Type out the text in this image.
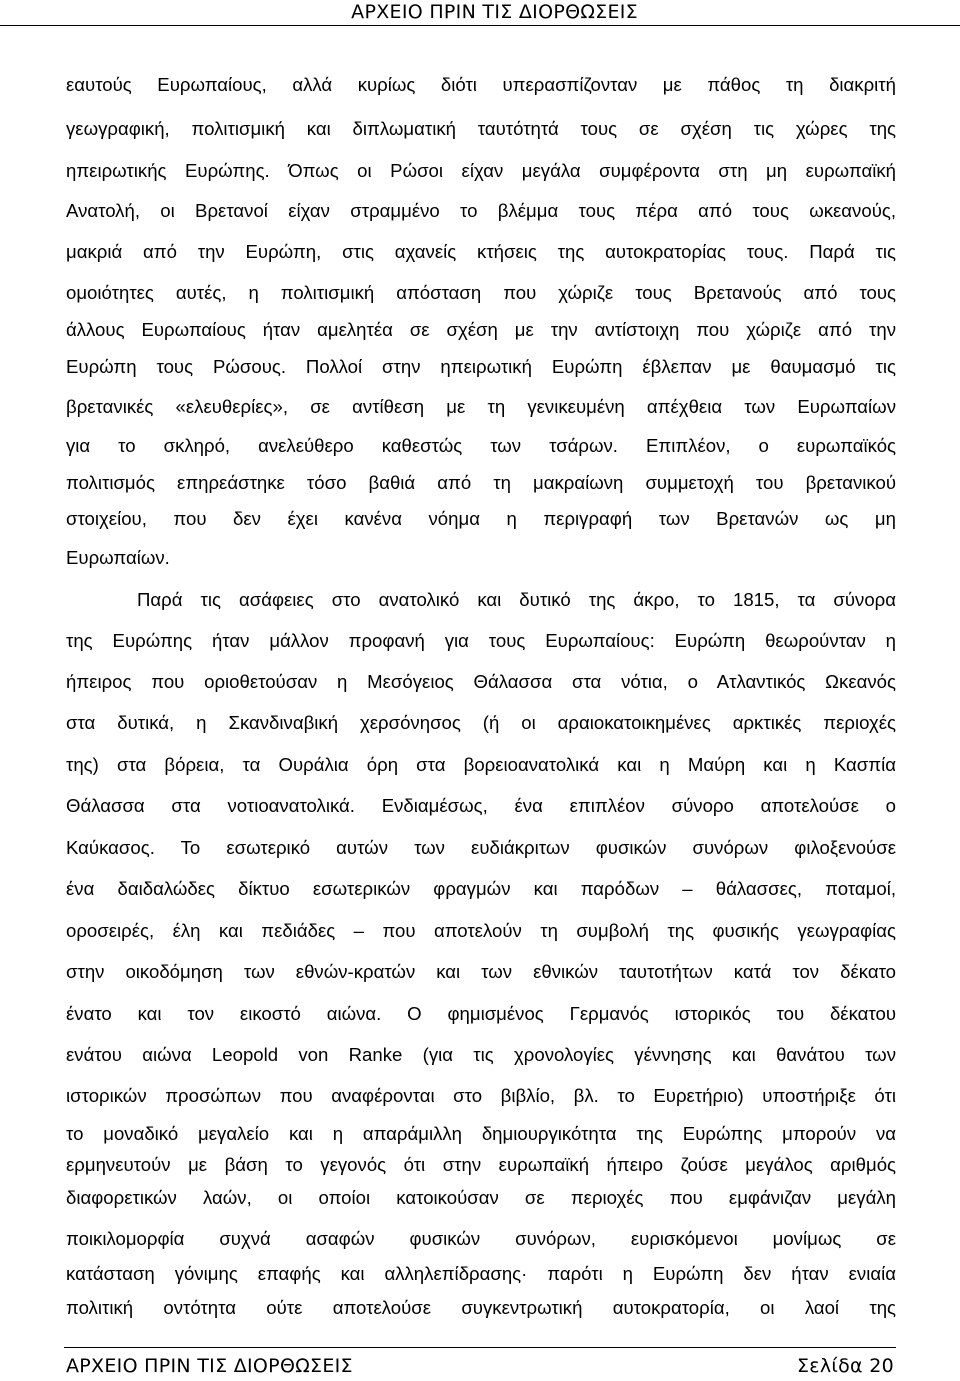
ΑΡΧΕΙΟ ΠΡΙΝ ΤΙΣ ΔΙΟΡΘΩΣΕΙΣ
εαυτούς Ευρωπαίους, αλλά κυρίως διότι υπερασπίζονταν με πάθος τη διακριτή
γεωγραφική, πολιτισμική και διπλωματική ταυτότητά τους σε σχέση τις χώρες της
ηπειρωτικής Ευρώπης. Όπως οι Ρώσοι είχαν μεγάλα συμφέροντα στη μη ευρωπαϊκή
Ανατολή, οι Βρετανοί είχαν στραμμένο το βλέμμα τους πέρα από τους ωκεανούς,
μακριά από την Ευρώπη, στις αχανείς κτήσεις της αυτοκρατορίας τους. Παρά τις
ομοιότητες αυτές, η πολιτισμική απόσταση που χώριζε τους Βρετανούς από τους
άλλους Ευρωπαίους ήταν αμελητέα σε σχέση με την αντίστοιχη που χώριζε από την
Ευρώπη τους Ρώσους. Πολλοί στην ηπειρωτική Ευρώπη έβλεπαν με θαυμασμό τις
βρετανικές «ελευθερίες», σε αντίθεση με τη γενικευμένη απέχθεια των Ευρωπαίων
για το σκληρό, ανελεύθερο καθεστώς των τσάρων. Επιπλέον, ο ευρωπαϊκός
πολιτισμός επηρεάστηκε τόσο βαθιά από τη μακραίωνη συμμετοχή του βρετανικού
στοιχείου, που δεν έχει κανένα νόημα η περιγραφή των Βρετανών ως μη
Ευρωπαίων.
Παρά τις ασάφειες στο ανατολικό και δυτικό της άκρο, το 1815, τα σύνορα
της Ευρώπης ήταν μάλλον προφανή για τους Ευρωπαίους: Ευρώπη θεωρούνταν η
ήπειρος που οριοθετούσαν η Μεσόγειος Θάλασσα στα νότια, ο Ατλαντικός Ωκεανός
στα δυτικά, η Σκανδιναβική χερσόνησος (ή οι αραιοκατοικημένες αρκτικές περιοχές
της) στα βόρεια, τα Ουράλια όρη στα βορειοανατολικά και η Μαύρη και η Κασπία
Θάλασσα στα νοτιοανατολικά. Ενδιαμέσως, ένα επιπλέον σύνορο αποτελούσε ο
Καύκασος. Το εσωτερικό αυτών των ευδιάκριτων φυσικών συνόρων φιλοξενούσε
ένα δαιδαλώδες δίκτυο εσωτερικών φραγμών και παρόδων – θάλασσες, ποταμοί,
οροσειρές, έλη και πεδιάδες – που αποτελούν τη συμβολή της φυσικής γεωγραφίας
στην οικοδόμηση των εθνών-κρατών και των εθνικών ταυτοτήτων κατά τον δέκατο
ένατο και τον εικοστό αιώνα. Ο φημισμένος Γερμανός ιστορικός του δέκατου
ενάτου αιώνα Leopold von Ranke (για τις χρονολογίες γέννησης και θανάτου των
ιστορικών προσώπων που αναφέρονται στο βιβλίο, βλ. το Ευρετήριο) υποστήριξε ότι
το μοναδικό μεγαλείο και η απαράμιλλη δημιουργικότητα της Ευρώπης μπορούν να
ερμηνευτούν με βάση το γεγονός ότι στην ευρωπαϊκή ήπειρο ζούσε μεγάλος αριθμός
διαφορετικών λαών, οι οποίοι κατοικούσαν σε περιοχές που εμφάνιζαν μεγάλη
ποικιλομορφία συχνά ασαφών φυσικών συνόρων, ευρισκόμενοι μονίμως σε
κατάσταση γόνιμης επαφής και αλληλεπίδρασης· παρότι η Ευρώπη δεν ήταν ενιαία
πολιτική οντότητα ούτε αποτελούσε συγκεντρωτική αυτοκρατορία, οι λαοί της
ΑΡΧΕΙΟ ΠΡΙΝ ΤΙΣ ΔΙΟΡΘΩΣΕΙΣ	Σελίδα 20
